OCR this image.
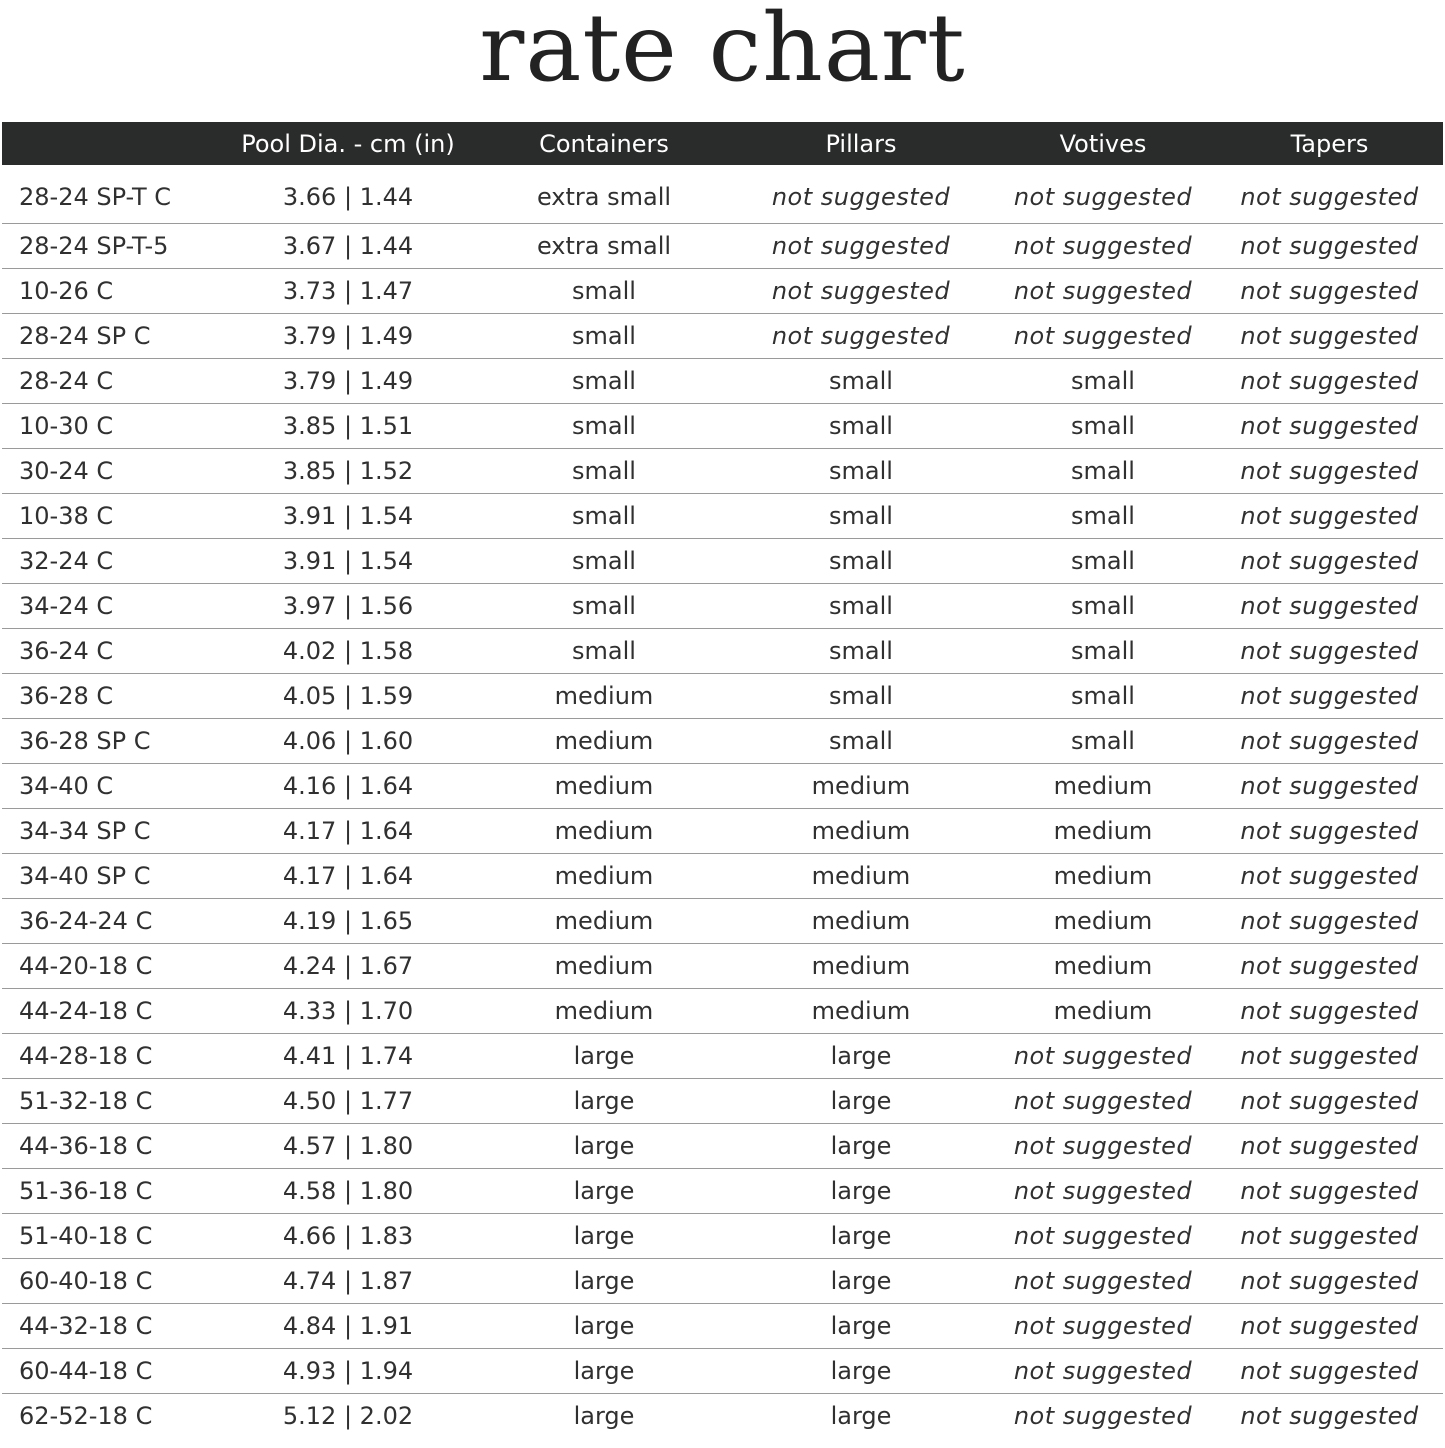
rate chart
	Pool Dia. - cm (in)	Containers	Pillars	Votives	Tapers
28-24 SP-T C	3.66 | 1.44	extra small	not suggested	not suggested	not suggested
28-24 SP-T-5	3.67 | 1.44	extra small	not suggested	not suggested	not suggested
10-26 C	3.73 | 1.47	small	not suggested	not suggested	not suggested
28-24 SP C	3.79 | 1.49	small	not suggested	not suggested	not suggested
28-24 C	3.79 | 1.49	small	small	small	not suggested
10-30 C	3.85 | 1.51	small	small	small	not suggested
30-24 C	3.85 | 1.52	small	small	small	not suggested
10-38 C	3.91 | 1.54	small	small	small	not suggested
32-24 C	3.91 | 1.54	small	small	small	not suggested
34-24 C	3.97 | 1.56	small	small	small	not suggested
36-24 C	4.02 | 1.58	small	small	small	not suggested
36-28 C	4.05 | 1.59	medium	small	small	not suggested
36-28 SP C	4.06 | 1.60	medium	small	small	not suggested
34-40 C	4.16 | 1.64	medium	medium	medium	not suggested
34-34 SP C	4.17 | 1.64	medium	medium	medium	not suggested
34-40 SP C	4.17 | 1.64	medium	medium	medium	not suggested
36-24-24 C	4.19 | 1.65	medium	medium	medium	not suggested
44-20-18 C	4.24 | 1.67	medium	medium	medium	not suggested
44-24-18 C	4.33 | 1.70	medium	medium	medium	not suggested
44-28-18 C	4.41 | 1.74	large	large	not suggested	not suggested
51-32-18 C	4.50 | 1.77	large	large	not suggested	not suggested
44-36-18 C	4.57 | 1.80	large	large	not suggested	not suggested
51-36-18 C	4.58 | 1.80	large	large	not suggested	not suggested
51-40-18 C	4.66 | 1.83	large	large	not suggested	not suggested
60-40-18 C	4.74 | 1.87	large	large	not suggested	not suggested
44-32-18 C	4.84 | 1.91	large	large	not suggested	not suggested
60-44-18 C	4.93 | 1.94	large	large	not suggested	not suggested
62-52-18 C	5.12 | 2.02	large	large	not suggested	not suggested
